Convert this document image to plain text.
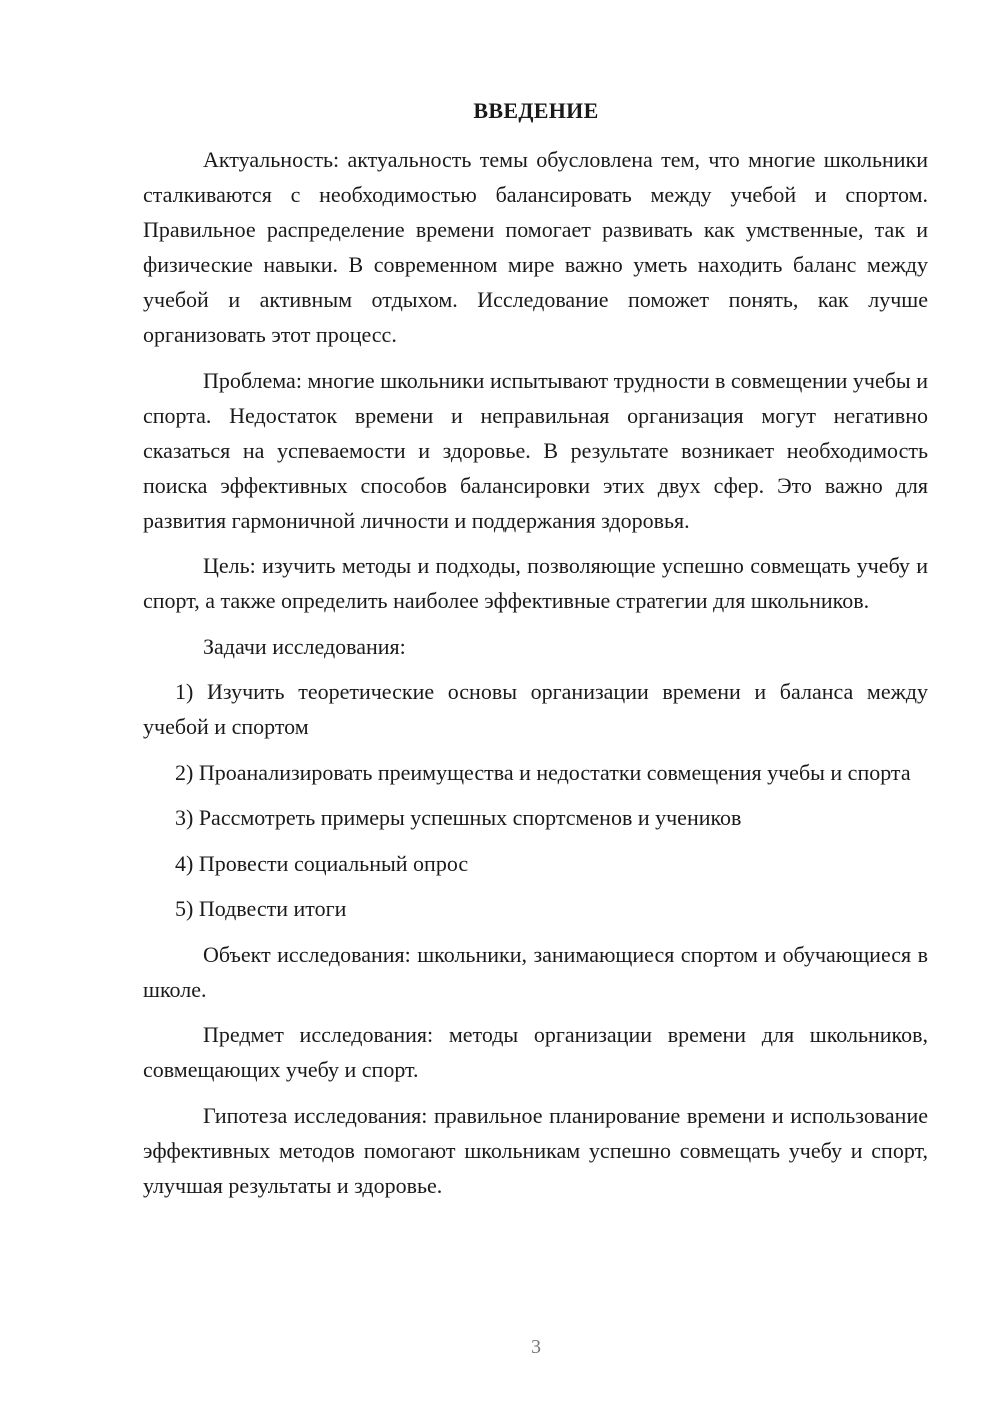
ВВЕДЕНИЕ

Актуальность: актуальность темы обусловлена тем, что многие школьники сталкиваются с необходимостью балансировать между учебой и спортом. Правильное распределение времени помогает развивать как умственные, так и физические навыки. В современном мире важно уметь находить баланс между учебой и активным отдыхом. Исследование поможет понять, как лучше организовать этот процесс.

Проблема: многие школьники испытывают трудности в совмещении учебы и спорта. Недостаток времени и неправильная организация могут негативно сказаться на успеваемости и здоровье. В результате возникает необходимость поиска эффективных способов балансировки этих двух сфер. Это важно для развития гармоничной личности и поддержания здоровья.

Цель: изучить методы и подходы, позволяющие успешно совмещать учебу и спорт, а также определить наиболее эффективные стратегии для школьников.

Задачи исследования:

1) Изучить теоретические основы организации времени и баланса между учебой и спортом

2) Проанализировать преимущества и недостатки совмещения учебы и спорта

3) Рассмотреть примеры успешных спортсменов и учеников

4) Провести социальный опрос

5) Подвести итоги

Объект исследования: школьники, занимающиеся спортом и обучающиеся в школе.

Предмет исследования: методы организации времени для школьников, совмещающих учебу и спорт.

Гипотеза исследования: правильное планирование времени и использование эффективных методов помогают школьникам успешно совмещать учебу и спорт, улучшая результаты и здоровье.

3
